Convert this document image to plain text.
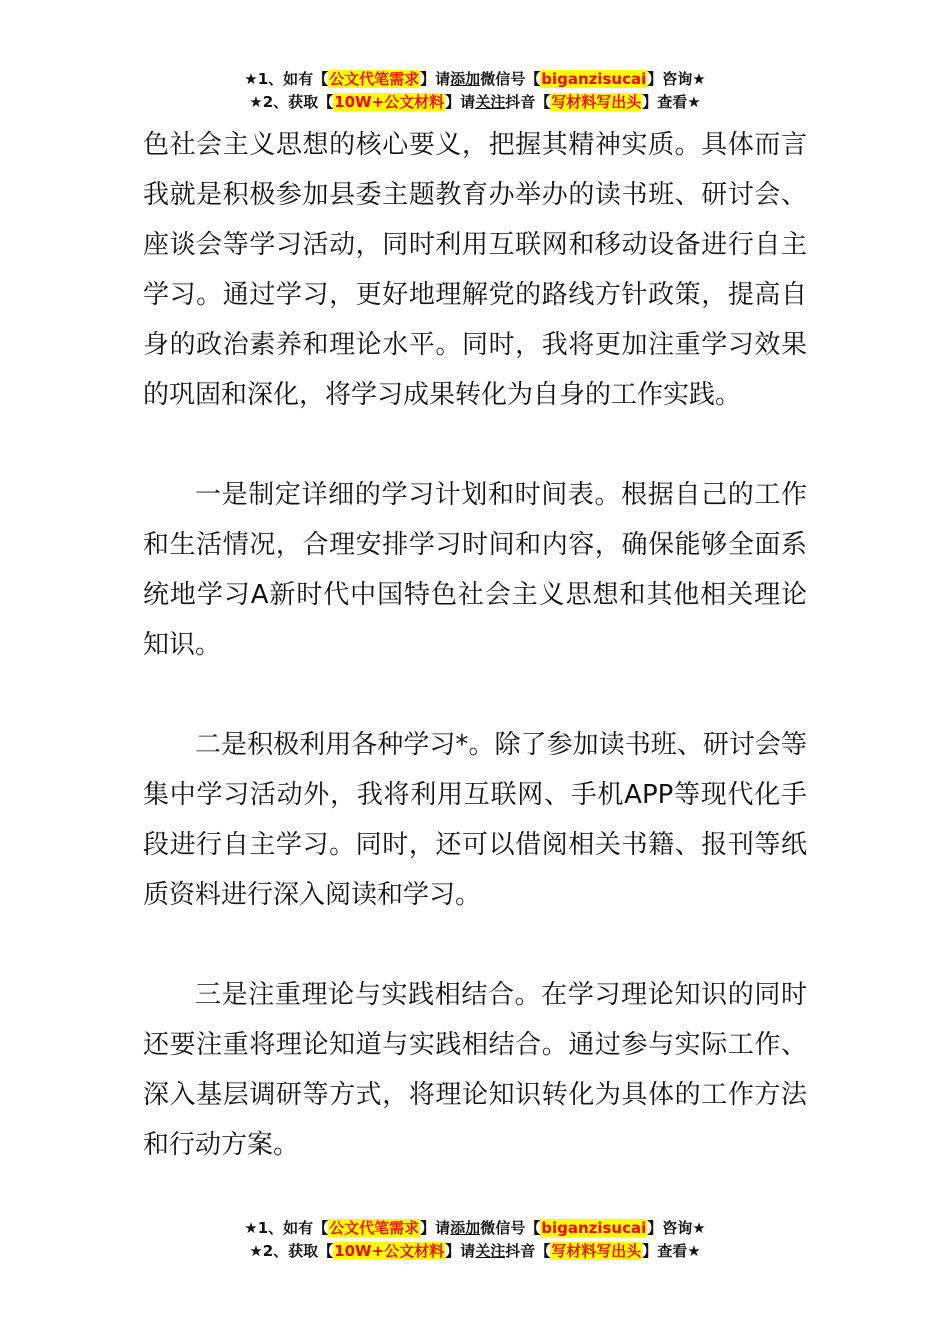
★1、如有【公文代笔需求】请添加微信号【biganzisucai】咨询★
★2、获取【10W+公文材料】请关注抖音【写材料写出头】查看★

色社会主义思想的核心要义，把握其精神实质。具体而言我就是积极参加县委主题教育办举办的读书班、研讨会、座谈会等学习活动，同时利用互联网和移动设备进行自主学习。通过学习，更好地理解党的路线方针政策，提高自身的政治素养和理论水平。同时，我将更加注重学习效果的巩固和深化，将学习成果转化为自身的工作实践。

一是制定详细的学习计划和时间表。根据自己的工作和生活情况，合理安排学习时间和内容，确保能够全面系统地学习A新时代中国特色社会主义思想和其他相关理论知识。

二是积极利用各种学习*。除了参加读书班、研讨会等集中学习活动外，我将利用互联网、手机APP等现代化手段进行自主学习。同时，还可以借阅相关书籍、报刊等纸质资料进行深入阅读和学习。

三是注重理论与实践相结合。在学习理论知识的同时还要注重将理论知道与实践相结合。通过参与实际工作、深入基层调研等方式，将理论知识转化为具体的工作方法和行动方案。

★1、如有【公文代笔需求】请添加微信号【biganzisucai】咨询★
★2、获取【10W+公文材料】请关注抖音【写材料写出头】查看★
